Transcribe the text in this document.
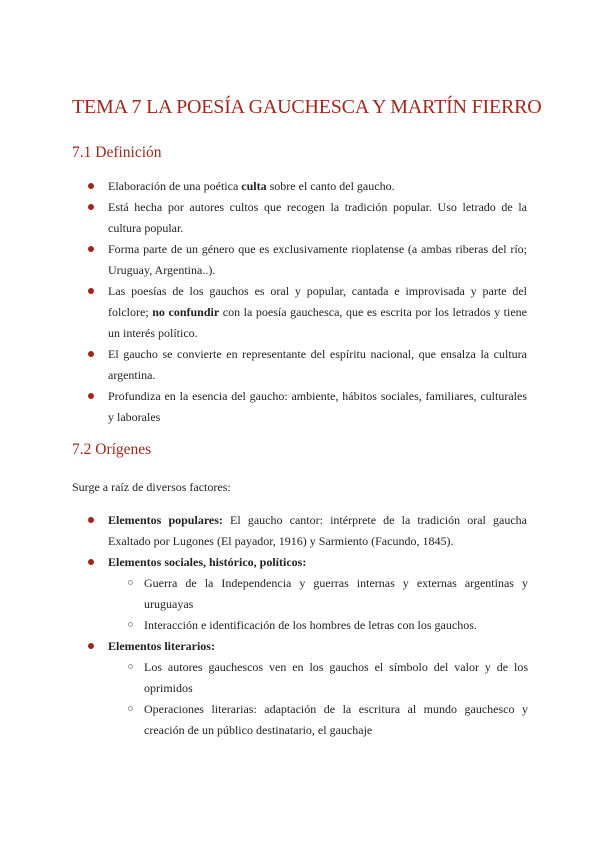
TEMA 7 LA POESÍA GAUCHESCA Y MARTÍN FIERRO
7.1 Definición
Elaboración de una poética culta sobre el canto del gaucho.
Está hecha por autores cultos que recogen la tradición popular. Uso letrado de la cultura popular.
Forma parte de un género que es exclusivamente rioplatense (a ambas riberas del río; Uruguay, Argentina..).
Las poesías de los gauchos es oral y popular, cantada e improvisada y parte del folclore; no confundir con la poesía gauchesca, que es escrita por los letrados y tiene un interés político.
El gaucho se convierte en representante del espíritu nacional, que ensalza la cultura argentina.
Profundiza en la esencia del gaucho: ambiente, hábitos sociales, familiares, culturales y laborales
7.2 Orígenes
Surge a raíz de diversos factores:
Elementos populares: El gaucho cantor: intérprete de la tradición oral gaucha Exaltado por Lugones (El payador, 1916) y Sarmiento (Facundo, 1845).
Elementos sociales, histórico, políticos:
Guerra de la Independencia y guerras internas y externas argentinas y uruguayas
Interacción e identificación de los hombres de letras con los gauchos.
Elementos literarios:
Los autores gauchescos ven en los gauchos el símbolo del valor y de los oprimidos
Operaciones literarias: adaptación de la escritura al mundo gauchesco y creación de un público destinatario, el gauchaje
